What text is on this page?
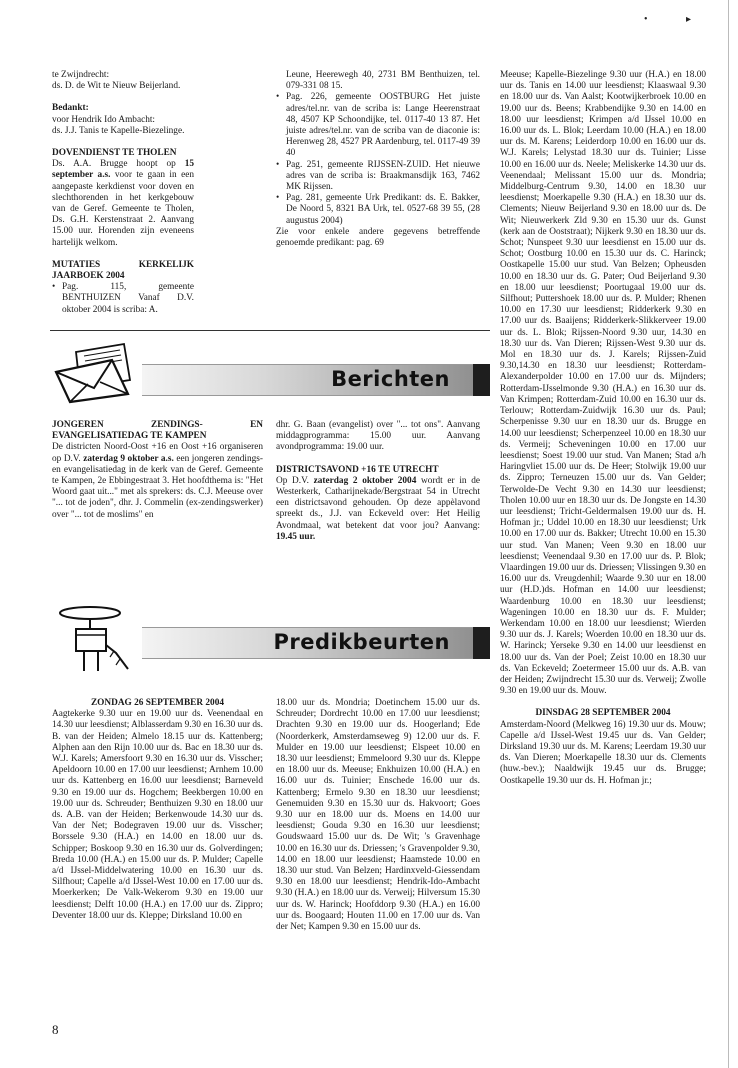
• ▸

te Zwijndrecht:

ds. D. de Wit te Nieuw Beijerland.

Bedankt:

voor Hendrik Ido Ambacht:

ds. J.J. Tanis te Kapelle-Biezelinge.

DOVENDIENST TE THOLEN

Ds. A.A. Brugge hoopt op 15 september a.s. voor te gaan in een aangepaste kerkdienst voor doven en slechthorenden in het kerkgebouw van de Geref. Gemeente te Tholen, Ds. G.H. Kerstenstraat 2. Aanvang 15.00 uur. Horenden zijn eveneens hartelijk welkom.

MUTATIES KERKELIJK JAARBOEK 2004

• Pag. 115, gemeente BENTHUIZEN Vanaf D.V. oktober 2004 is scriba: A.

Leune, Heerewegh 40, 2731 BM Benthuizen, tel. 079-331 08 15.

• Pag. 226, gemeente OOSTBURG Het juiste adres/tel.nr. van de scriba is: Lange Heerenstraat 48, 4507 KP Schoondijke, tel. 0117-40 13 87. Het juiste adres/tel.nr. van de scriba van de diaconie is: Herenweg 28, 4527 PR Aardenburg, tel. 0117-49 39 40
• Pag. 251, gemeente RIJSSEN-ZUID. Het nieuwe adres van de scriba is: Braakmansdijk 163, 7462 MK Rijssen.
• Pag. 281, gemeente Urk Predikant: ds. E. Bakker, De Noord 5, 8321 BA Urk, tel. 0527-68 39 55, (28 augustus 2004)

Zie voor enkele andere gegevens betreffende genoemde predikant: pag. 69

Berichten

JONGEREN ZENDINGS- EN EVANGELISATIEDAG TE KAMPEN

De districten Noord-Oost +16 en Oost +16 organiseren op D.V. zaterdag 9 oktober a.s. een jongeren zendings- en evangelisatiedag in de kerk van de Geref. Gemeente te Kampen, 2e Ebbingestraat 3. Het hoofdthema is: "Het Woord gaat uit..." met als sprekers: ds. C.J. Meeuse over "... tot de joden", dhr. J. Commelin (ex-zendingswerker) over "... tot de moslims" en

dhr. G. Baan (evangelist) over "... tot ons". Aanvang middagprogramma: 15.00 uur. Aanvang avondprogramma: 19.00 uur.

DISTRICTSAVOND +16 TE UTRECHT

Op D.V. zaterdag 2 oktober 2004 wordt er in de Westerkerk, Catharijnekade/Bergstraat 54 in Utrecht een districtsavond gehouden. Op deze appèlavond spreekt ds., J.J. van Eckeveld over: Het Heilig Avondmaal, wat betekent dat voor jou? Aanvang: 19.45 uur.

Predikbeurten

ZONDAG 26 SEPTEMBER 2004

Aagtekerke 9.30 uur en 19.00 uur ds. Veenendaal en 14.30 uur leesdienst; Alblasserdam 9.30 en 16.30 uur ds. B. van der Heiden; Almelo 18.15 uur ds. Kattenberg; Alphen aan den Rijn 10.00 uur ds. Bac en 18.30 uur ds. W.J. Karels; Amersfoort 9.30 en 16.30 uur ds. Visscher; Apeldoorn 10.00 en 17.00 uur leesdienst; Arnhem 10.00 uur ds. Kattenberg en 16.00 uur leesdienst; Barneveld 9.30 en 19.00 uur ds. Hogchem; Beekbergen 10.00 en 19.00 uur ds. Schreuder; Benthuizen 9.30 en 18.00 uur ds. A.B. van der Heiden; Berkenwoude 14.30 uur ds. Van der Net; Bodegraven 19.00 uur ds. Visscher; Borssele 9.30 (H.A.) en 14.00 en 18.00 uur ds. Schipper; Boskoop 9.30 en 16.30 uur ds. Golverdingen; Breda 10.00 (H.A.) en 15.00 uur ds. P. Mulder; Capelle a/d IJssel-Middelwatering 10.00 en 16.30 uur ds. Silfhout; Capelle a/d IJssel-West 10.00 en 17.00 uur ds. Moerkerken; De Valk-Wekerom 9.30 en 19.00 uur leesdienst; Delft 10.00 (H.A.) en 17.00 uur ds. Zippro; Deventer 18.00 uur ds. Kleppe; Dirksland 10.00 en

18.00 uur ds. Mondria; Doetinchem 15.00 uur ds. Schreuder; Dordrecht 10.00 en 17.00 uur leesdienst; Drachten 9.30 en 19.00 uur ds. Hoogerland; Ede (Noorderkerk, Amsterdamseweg 9) 12.00 uur ds. F. Mulder en 19.00 uur leesdienst; Elspeet 10.00 en 18.30 uur leesdienst; Emmeloord 9.30 uur ds. Kleppe en 18.00 uur ds. Meeuse; Enkhuizen 10.00 (H.A.) en 16.00 uur ds. Tuinier; Enschede 16.00 uur ds. Kattenberg; Ermelo 9.30 en 18.30 uur leesdienst; Genemuiden 9.30 en 15.30 uur ds. Hakvoort; Goes 9.30 uur en 18.00 uur ds. Moens en 14.00 uur leesdienst; Gouda 9.30 en 16.30 uur leesdienst; Goudswaard 15.00 uur ds. De Wit; 's Gravenhage 10.00 en 16.30 uur ds. Driessen; 's Gravenpolder 9.30, 14.00 en 18.00 uur leesdienst; Haamstede 10.00 en 18.30 uur stud. Van Belzen; Hardinxveld-Giessendam 9.30 en 18.00 uur leesdienst; Hendrik-Ido-Ambacht 9.30 (H.A.) en 18.00 uur ds. Verweij; Hilversum 15.30 uur ds. W. Harinck; Hoofddorp 9.30 (H.A.) en 16.00 uur ds. Boogaard; Houten 11.00 en 17.00 uur ds. Van der Net; Kampen 9.30 en 15.00 uur ds.

Meeuse; Kapelle-Biezelinge 9.30 uur (H.A.) en 18.00 uur ds. Tanis en 14.00 uur leesdienst; Klaaswaal 9.30 en 18.00 uur ds. Van Aalst; Kootwijkerbroek 10.00 en 19.00 uur ds. Beens; Krabbendijke 9.30 en 14.00 en 18.00 uur leesdienst; Krimpen a/d IJssel 10.00 en 16.00 uur ds. L. Blok; Leerdam 10.00 (H.A.) en 18.00 uur ds. M. Karens; Leiderdorp 10.00 en 16.00 uur ds. W.J. Karels; Lelystad 18.30 uur ds. Tuinier; Lisse 10.00 en 16.00 uur ds. Neele; Meliskerke 14.30 uur ds. Veenendaal; Melissant 15.00 uur ds. Mondria; Middelburg-Centrum 9.30, 14.00 en 18.30 uur leesdienst; Moerkapelle 9.30 (H.A.) en 18.30 uur ds. Clements; Nieuw Beijerland 9.30 en 18.00 uur ds. De Wit; Nieuwerkerk Zld 9.30 en 15.30 uur ds. Gunst (kerk aan de Ooststraat); Nijkerk 9.30 en 18.30 uur ds. Schot; Nunspeet 9.30 uur leesdienst en 15.00 uur ds. Schot; Oostburg 10.00 en 15.30 uur ds. C. Harinck; Oostkapelle 15.00 uur stud. Van Belzen; Opheusden 10.00 en 18.30 uur ds. G. Pater; Oud Beijerland 9.30 en 18.00 uur leesdienst; Poortugaal 19.00 uur ds. Silfhout; Puttershoek 18.00 uur ds. P. Mulder; Rhenen 10.00 en 17.30 uur leesdienst; Ridderkerk 9.30 en 17.00 uur ds. Baaijens; Ridderkerk-Slikkerveer 19.00 uur ds. L. Blok; Rijssen-Noord 9.30 uur, 14.30 en 18.30 uur ds. Van Dieren; Rijssen-West 9.30 uur ds. Mol en 18.30 uur ds. J. Karels; Rijssen-Zuid 9.30,14.30 en 18.30 uur leesdienst; Rotterdam-Alexanderpolder 10.00 en 17.00 uur ds. Mijnders; Rotterdam-IJsselmonde 9.30 (H.A.) en 16.30 uur ds. Van Krimpen; Rotterdam-Zuid 10.00 en 16.30 uur ds. Terlouw; Rotterdam-Zuidwijk 16.30 uur ds. Paul; Scherpenisse 9.30 uur en 18.30 uur ds. Brugge en 14.00 uur leesdienst; Scherpenzeel 10.00 en 18.30 uur ds. Vermeij; Scheveningen 10.00 en 17.00 uur leesdienst; Soest 19.00 uur stud. Van Manen; Stad a/h Haringvliet 15.00 uur ds. De Heer; Stolwijk 19.00 uur ds. Zippro; Terneuzen 15.00 uur ds. Van Gelder; Terwolde-De Vecht 9.30 en 14.30 uur leesdienst; Tholen 10.00 uur en 18.30 uur ds. De Jongste en 14.30 uur leesdienst; Tricht-Geldermalsen 19.00 uur ds. H. Hofman jr.; Uddel 10.00 en 18.30 uur leesdienst; Urk 10.00 en 17.00 uur ds. Bakker; Utrecht 10.00 en 15.30 uur stud. Van Manen; Veen 9.30 en 18.00 uur leesdienst; Veenendaal 9.30 en 17.00 uur ds. P. Blok; Vlaardingen 19.00 uur ds. Driessen; Vlissingen 9.30 en 16.00 uur ds. Vreugdenhil; Waarde 9.30 uur en 18.00 uur (H.D.)ds. Hofman en 14.00 uur leesdienst; Waardenburg 10.00 en 18.30 uur leesdienst; Wageningen 10.00 en 18.30 uur ds. F. Mulder; Werkendam 10.00 en 18.00 uur leesdienst; Wierden 9.30 uur ds. J. Karels; Woerden 10.00 en 18.30 uur ds. W. Harinck; Yerseke 9.30 en 14.00 uur leesdienst en 18.00 uur ds. Van der Poel; Zeist 10.00 en 18.30 uur ds. Van Eckeveld; Zoetermeer 15.00 uur ds. A.B. van der Heiden; Zwijndrecht 15.30 uur ds. Verweij; Zwolle 9.30 en 19.00 uur ds. Mouw.

DINSDAG 28 SEPTEMBER 2004

Amsterdam-Noord (Melkweg 16) 19.30 uur ds. Mouw; Capelle a/d IJssel-West 19.45 uur ds. Van Gelder; Dirksland 19.30 uur ds. M. Karens; Leerdam 19.30 uur ds. Van Dieren; Moerkapelle 18.30 uur ds. Clements (huw.-bev.); Naaldwijk 19.45 uur ds. Brugge; Oostkapelle 19.30 uur ds. H. Hofman jr.;

8
